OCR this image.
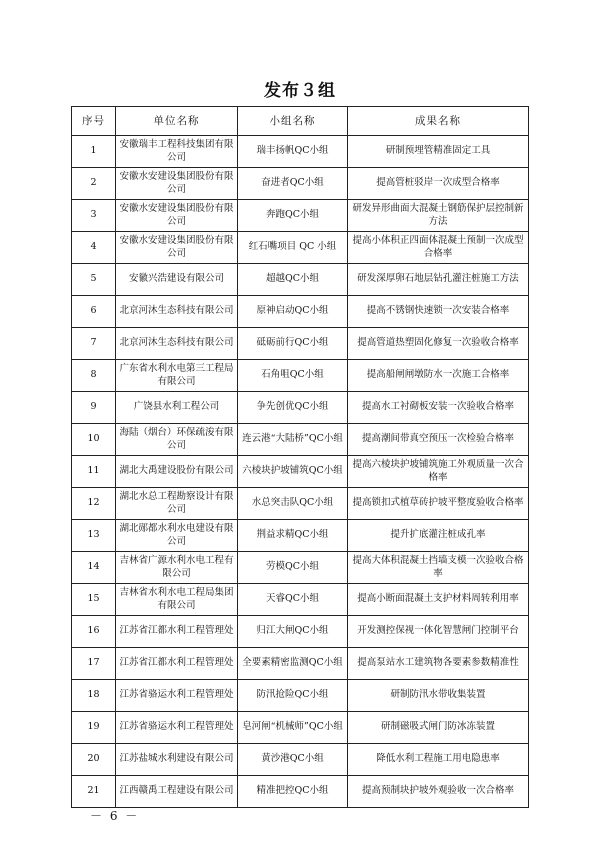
发布３组
序号	单位名称	小组名称	成果名称
1	安徽瑞丰工程科技集团有限公司	瑞丰扬帆QC小组	研制预埋管精准固定工具
2	安徽水安建设集团股份有限公司	奋进者QC小组	提高管桩驳岸一次成型合格率
3	安徽水安建设集团股份有限公司	奔跑QC小组	研发异形曲面大混凝土钢筋保护层控制新方法
4	安徽水安建设集团股份有限公司	红石嘴项目 QC 小组	提高小体积正四面体混凝土预制一次成型合格率
5	安徽兴浩建设有限公司	超越QC小组	研发深厚卵石地层钻孔灌注桩施工方法
6	北京河沐生态科技有限公司	原神启动QC小组	提高不锈钢快速锁一次安装合格率
7	北京河沐生态科技有限公司	砥砺前行QC小组	提高管道热塑固化修复一次验收合格率
8	广东省水利水电第三工程局有限公司	石角咀QC小组	提高船闸闸墩防水一次施工合格率
9	广饶县水利工程公司	争先创优QC小组	提高水工衬砌板安装一次验收合格率
10	海陆（烟台）环保疏浚有限公司	连云港“大陆桥”QC小组	提高潮间带真空预压一次检验合格率
11	湖北大禹建设股份有限公司	六棱块护坡铺筑QC小组	提高六棱块护坡铺筑施工外观质量一次合格率
12	湖北水总工程勘察设计有限公司	水总突击队QC小组	提高锁扣式植草砖护坡平整度验收合格率
13	湖北郧都水利水电建设有限公司	荆益求精QC小组	提升扩底灌注桩成孔率
14	吉林省广源水利水电工程有限公司	劳模QC小组	提高大体积混凝土挡墙支模一次验收合格率
15	吉林省水利水电工程局集团有限公司	天睿QC小组	提高小断面混凝土支护材料周转利用率
16	江苏省江都水利工程管理处	归江大闸QC小组	开发测控保视一体化智慧闸门控制平台
17	江苏省江都水利工程管理处	全要素精密监测QC小组	提高泵站水工建筑物各要素参数精准性
18	江苏省骆运水利工程管理处	防汛抢险QC小组	研制防汛水带收集装置
19	江苏省骆运水利工程管理处	皂河闸“机械师”QC小组	研制磁吸式闸门防冰冻装置
20	江苏盐城水利建设有限公司	黄沙港QC小组	降低水利工程施工用电隐患率
21	江西赣禹工程建设有限公司	精准把控QC小组	提高预制块护坡外观验收一次合格率
－ 6 －
